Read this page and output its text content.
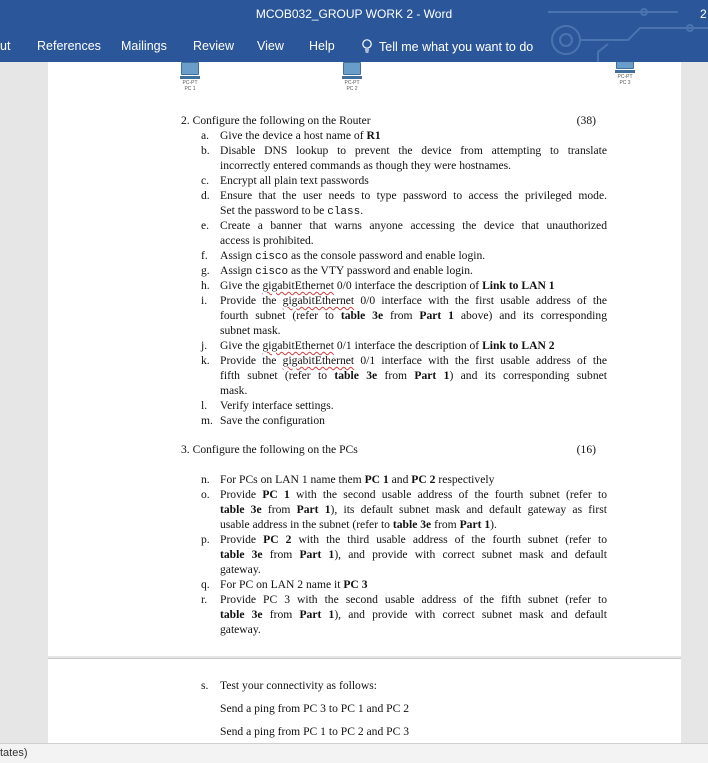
MCOB032_GROUP WORK 2 - Word	2
ut References Mailings Review View Help	Tell me what you want to do
PC-PT
PC 1
PC-PT
PC 2
PC-PT
PC 3
2. Configure the following on the Router	(38)
a. Give the device a host name of R1
b. Disable DNS lookup to prevent the device from attempting to translate
incorrectly entered commands as though they were hostnames.
c. Encrypt all plain text passwords
d. Ensure that the user needs to type password to access the privileged mode.
Set the password to be class.
e. Create a banner that warns anyone accessing the device that unauthorized
access is prohibited.
f. Assign cisco as the console password and enable login.
g. Assign cisco as the VTY password and enable login.
h. Give the gigabitEthernet 0/0 interface the description of Link to LAN 1
i. Provide the gigabitEthernet 0/0 interface with the first usable address of the
fourth subnet (refer to table 3e from Part 1 above) and its corresponding
subnet mask.
j. Give the gigabitEthernet 0/1 interface the description of Link to LAN 2
k. Provide the gigabitEthernet 0/1 interface with the first usable address of the
fifth subnet (refer to table 3e from Part 1) and its corresponding subnet
mask.
l. Verify interface settings.
m. Save the configuration
3. Configure the following on the PCs	(16)
n. For PCs on LAN 1 name them PC 1 and PC 2 respectively
o. Provide PC 1 with the second usable address of the fourth subnet (refer to
table 3e from Part 1), its default subnet mask and default gateway as first
usable address in the subnet (refer to table 3e from Part 1).
p. Provide PC 2 with the third usable address of the fourth subnet (refer to
table 3e from Part 1), and provide with correct subnet mask and default
gateway.
q. For PC on LAN 2 name it PC 3
r. Provide PC 3 with the second usable address of the fifth subnet (refer to
table 3e from Part 1), and provide with correct subnet mask and default
gateway.
s. Test your connectivity as follows:
Send a ping from PC 3 to PC 1 and PC 2
Send a ping from PC 1 to PC 2 and PC 3
tates)
